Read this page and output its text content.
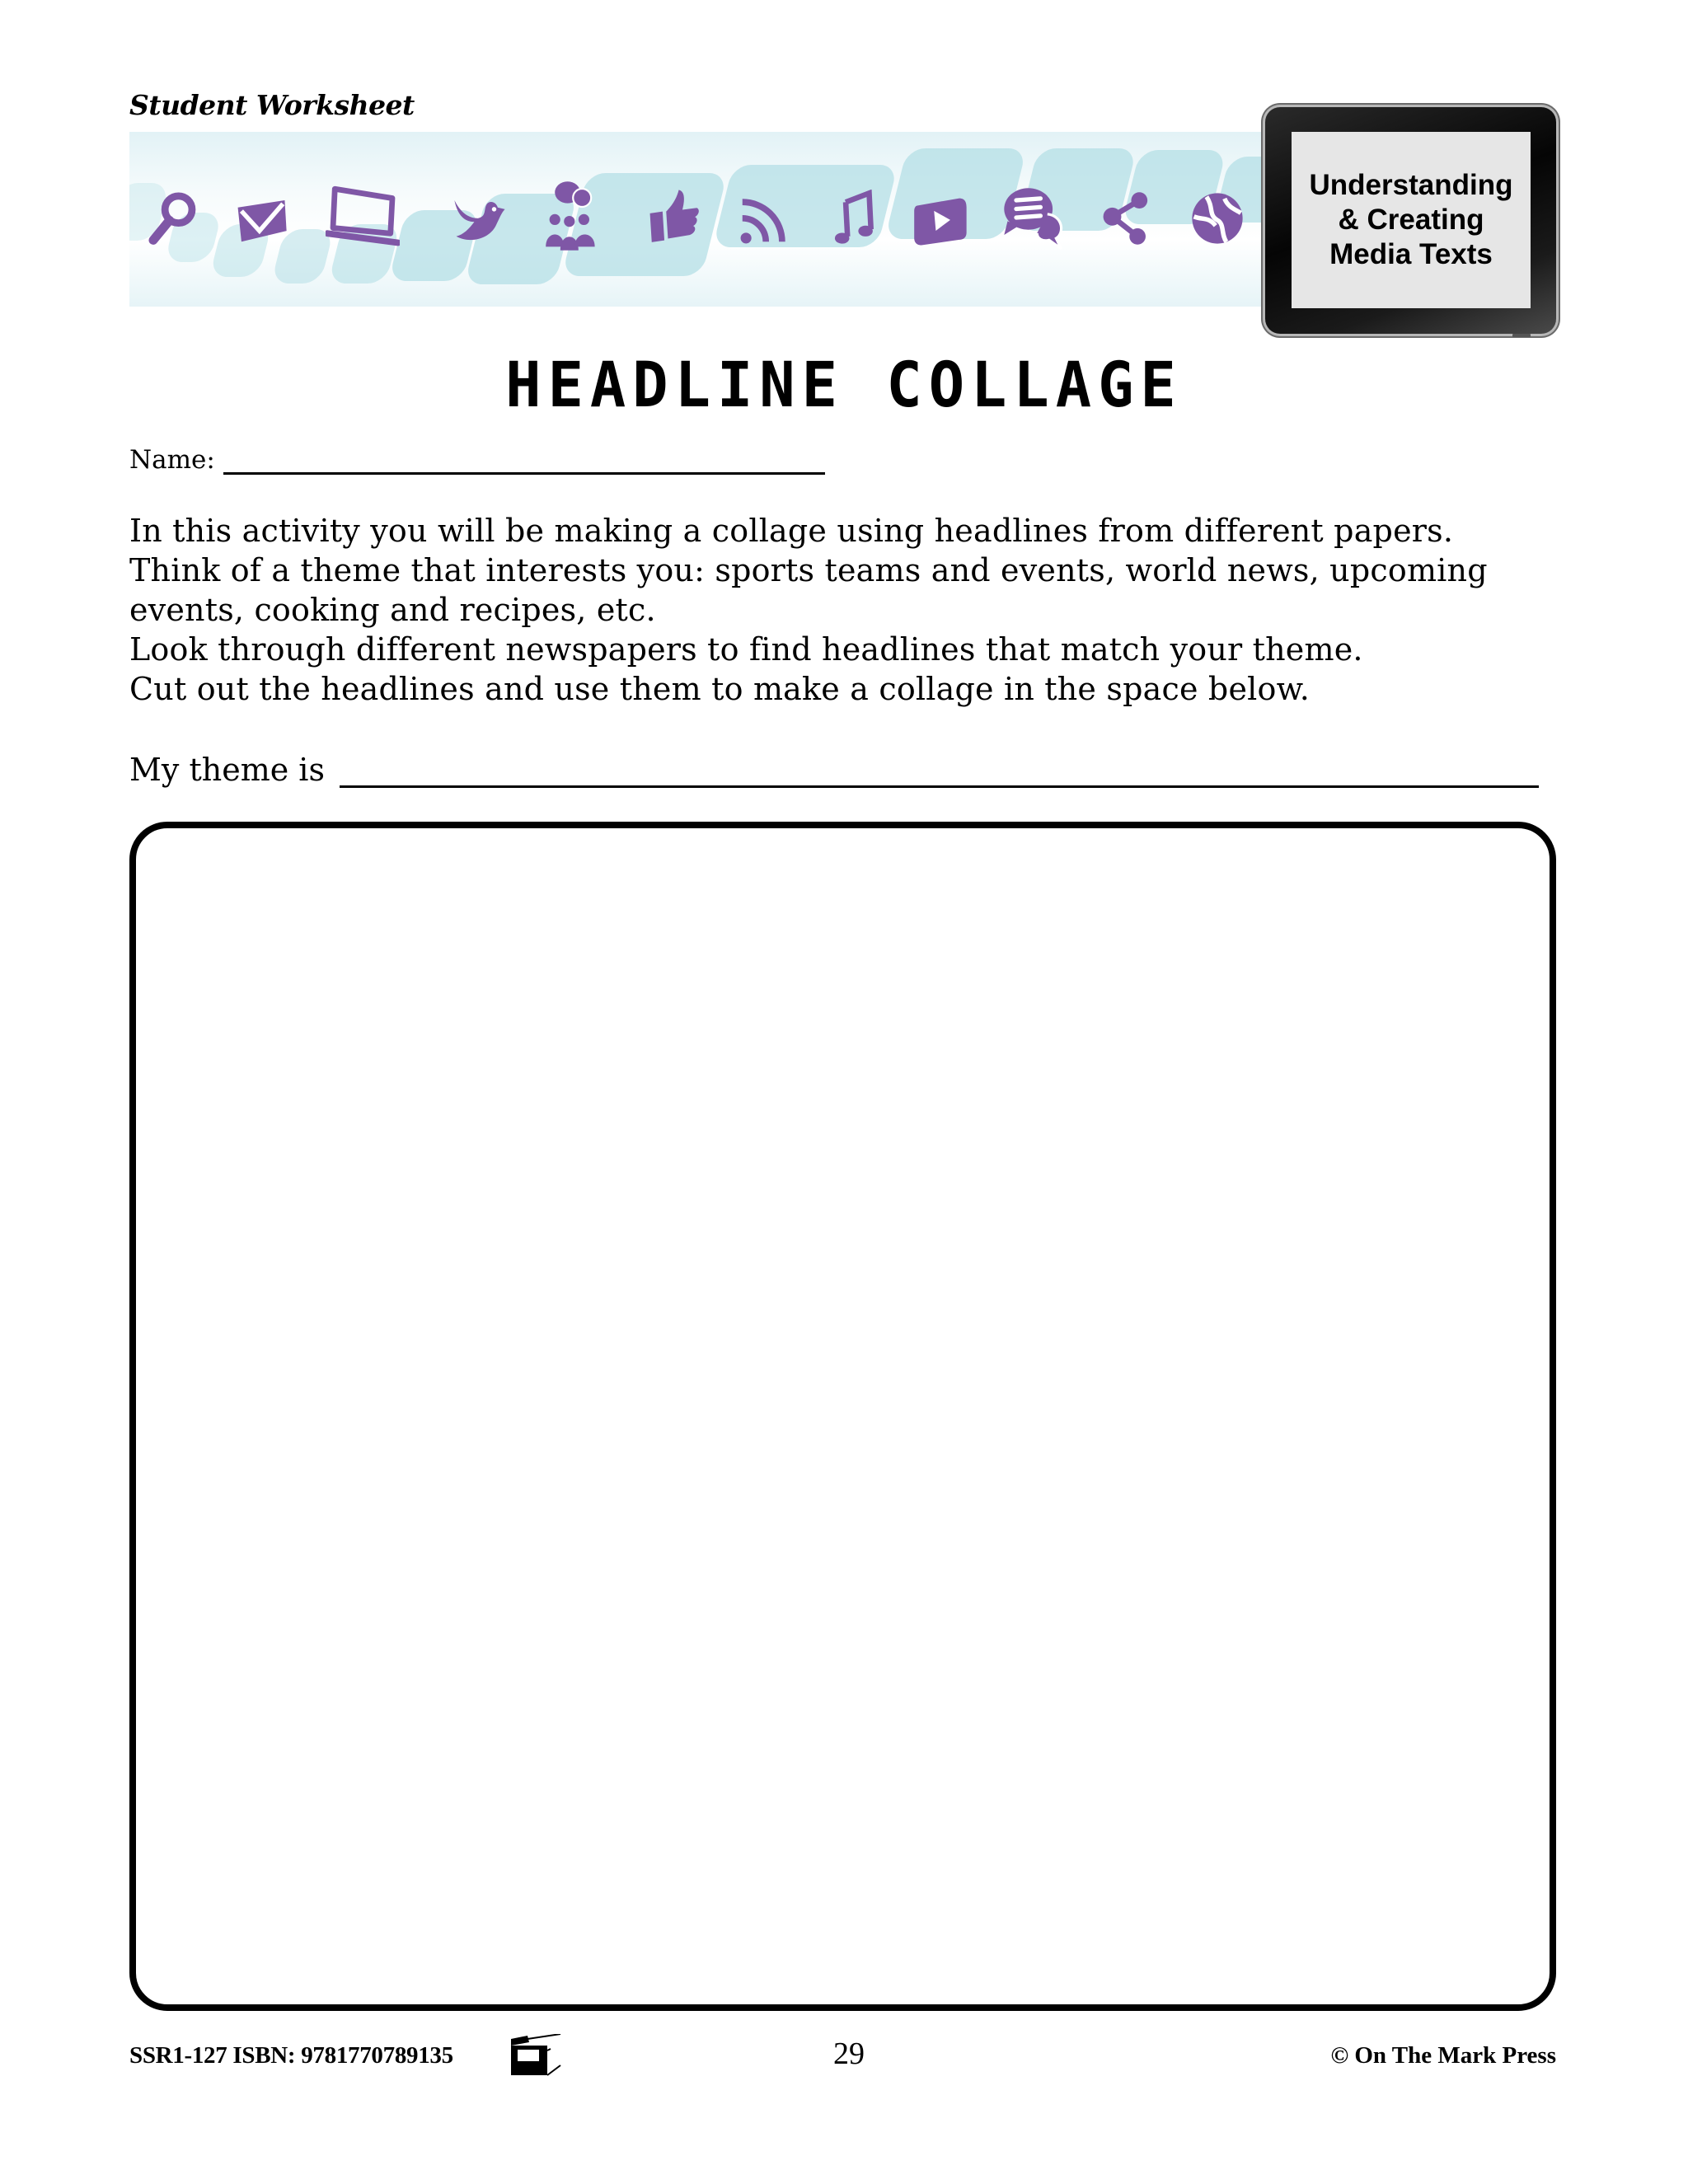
Student Worksheet
Understanding
& Creating
Media Texts
HEADLINE COLLAGE
Name:
In this activity you will be making a collage using headlines from different papers.
Think of a theme that interests you: sports teams and events, world news, upcoming
events, cooking and recipes, etc.
Look through different newspapers to find headlines that match your theme.
Cut out the headlines and use them to make a collage in the space below.
My theme is
SSR1-127 ISBN: 9781770789135	29	© On The Mark Press
